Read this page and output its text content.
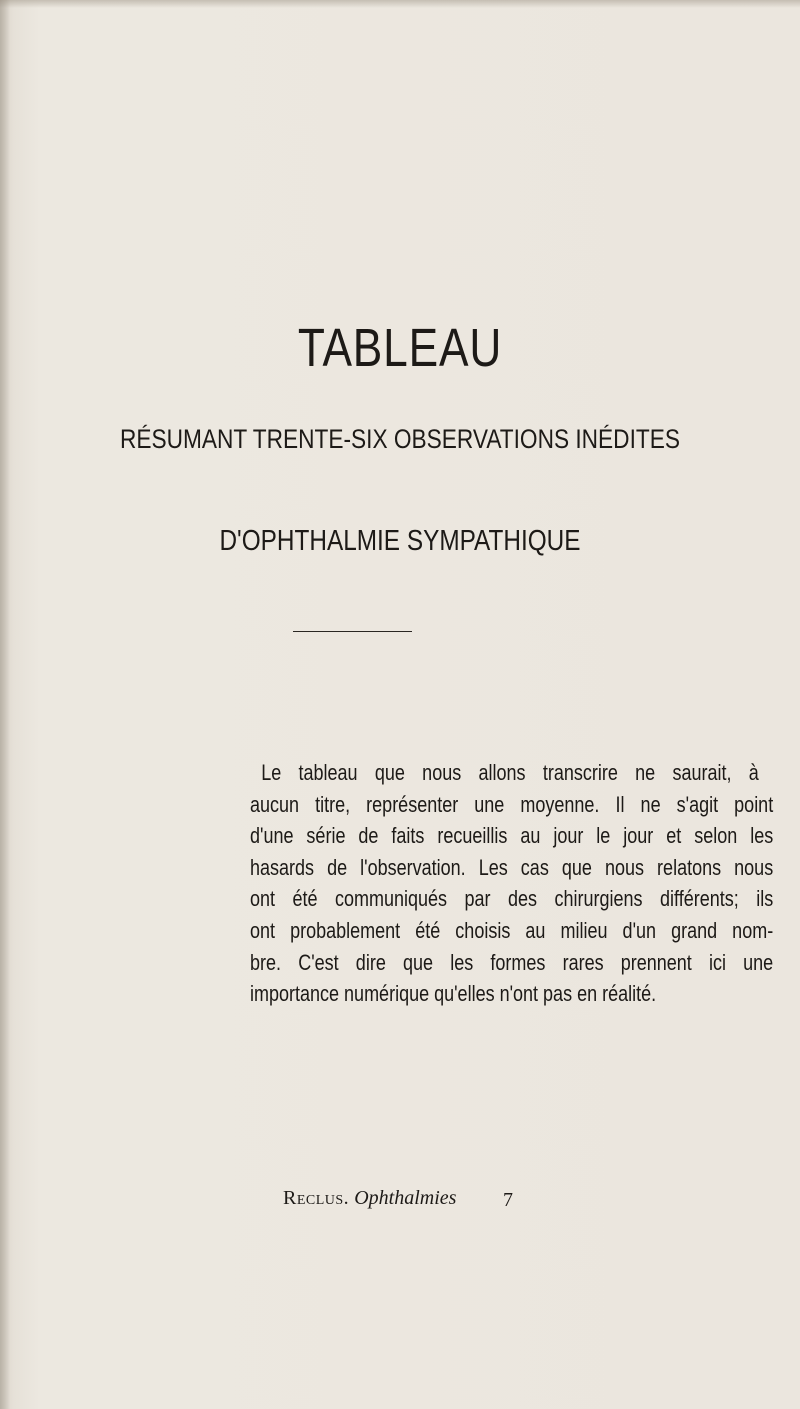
TABLEAU
RÉSUMANT TRENTE-SIX OBSERVATIONS INÉDITES
D'OPHTHALMIE SYMPATHIQUE
Le tableau que nous allons transcrire ne saurait, à
aucun titre, représenter une moyenne. Il ne s'agit point
d'une série de faits recueillis au jour le jour et selon les
hasards de l'observation. Les cas que nous relatons nous
ont été communiqués par des chirurgiens différents; ils
ont probablement été choisis au milieu d'un grand nom-
bre. C'est dire que les formes rares prennent ici une
importance numérique qu'elles n'ont pas en réalité.
Reclus. Ophthalmies 7
